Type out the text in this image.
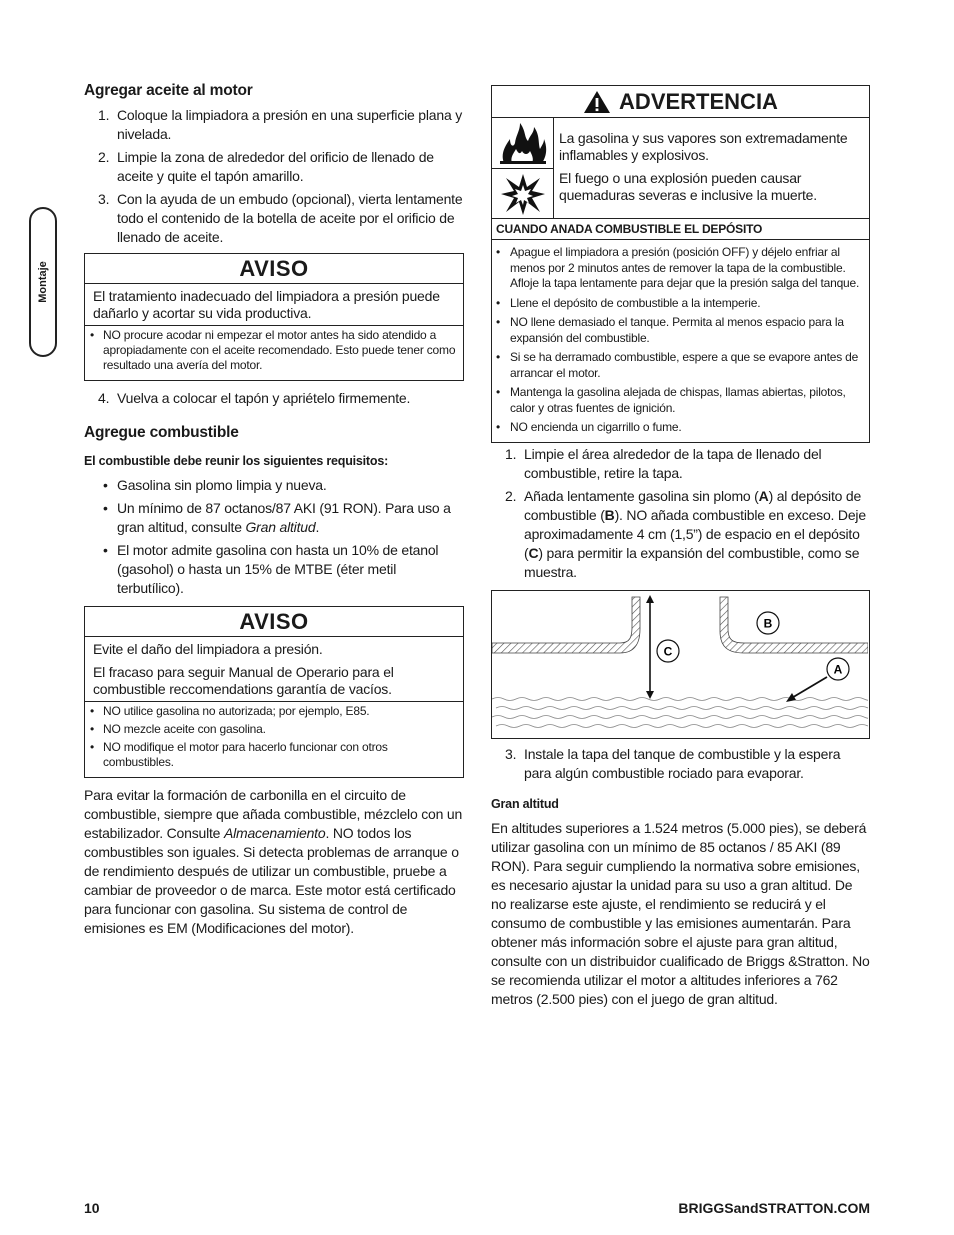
Montaje
Agregar aceite al motor
1. Coloque la limpiadora a presión en una superficie plana y nivelada.
2. Limpie la zona de alrededor del orificio de llenado de aceite y quite el tapón amarillo.
3. Con la ayuda de un embudo (opcional), vierta lentamente todo el contenido de la botella de aceite por el orificio de llenado de aceite.
AVISO
El tratamiento inadecuado del limpiadora a presión puede dañarlo y acortar su vida productiva.
• NO procure acodar ni empezar el motor antes ha sido atendido a apropiadamente con el aceite recomendado. Esto puede tener como resultado una avería del motor.
4. Vuelva a colocar el tapón y apriételo firmemente.
Agregue combustible
El combustible debe reunir los siguientes requisitos:
• Gasolina sin plomo limpia y nueva.
• Un mínimo de 87 octanos/87 AKI (91 RON). Para uso a gran altitud, consulte Gran altitud.
• El motor admite gasolina con hasta un 10% de etanol (gasohol) o hasta un 15% de MTBE (éter metil terbutílico).
AVISO
Evite el daño del limpiadora a presión.
El fracaso para seguir Manual de Operario para el combustible reccomendations garantía de vacíos.
• NO utilice gasolina no autorizada; por ejemplo, E85.
• NO mezcle aceite con gasolina.
• NO modifique el motor para hacerlo funcionar con otros combustibles.

Para evitar la formación de carbonilla en el circuito de combustible, siempre que añada combustible, mézclelo con un estabilizador. Consulte Almacenamiento. NO todos los combustibles son iguales. Si detecta problemas de arranque o de rendimiento después de utilizar un combustible, pruebe a cambiar de proveedor o de marca. Este motor está certificado para funcionar con gasolina. Su sistema de control de emisiones es EM (Modificaciones del motor).

ADVERTENCIA

La gasolina y sus vapores son extremadamente inflamables y explosivos.

El fuego o una explosión pueden causar quemaduras severas e inclusive la muerte.

CUANDO ANADA COMBUSTIBLE EL DEPÓSITO
• Apague el limpiadora a presión (posición OFF) y déjelo enfriar al menos por 2 minutos antes de remover la tapa de la combustible. Afloje la tapa lentamente para dejar que la presión salga del tanque.
• Llene el depósito de combustible a la intemperie.
• NO llene demasiado el tanque. Permita al menos espacio para la expansión del combustible.
• Si se ha derramado combustible, espere a que se evapore antes de arrancar el motor.
• Mantenga la gasolina alejada de chispas, llamas abiertas, pilotos, calor y otras fuentes de ignición.
• NO encienda un cigarrillo o fume.
1. Limpie el área alrededor de la tapa de llenado del combustible, retire la tapa.
2. Añada lentamente gasolina sin plomo (A) al depósito de combustible (B). NO añada combustible en exceso. Deje aproximadamente 4 cm (1,5”) de espacio en el depósito (C) para permitir la expansión del combustible, como se muestra.
C
B
A
3. Instale la tapa del tanque de combustible y la espera para algún combustible rociado para evaporar.
Gran altitud

En altitudes superiores a 1.524 metros (5.000 pies), se deberá utilizar gasolina con un mínimo de 85 octanos / 85 AKI (89 RON). Para seguir cumpliendo la normativa sobre emisiones, es necesario ajustar la unidad para su uso a gran altitud. De no realizarse este ajuste, el rendimiento se reducirá y el consumo de combustible y las emisiones aumentarán. Para obtener más información sobre el ajuste para gran altitud, consulte con un distribuidor cualificado de Briggs &Stratton. No se recomienda utilizar el motor a altitudes inferiores a 762 metros (2.500 pies) con el juego de gran altitud.

10	BRIGGSandSTRATTON.COM
